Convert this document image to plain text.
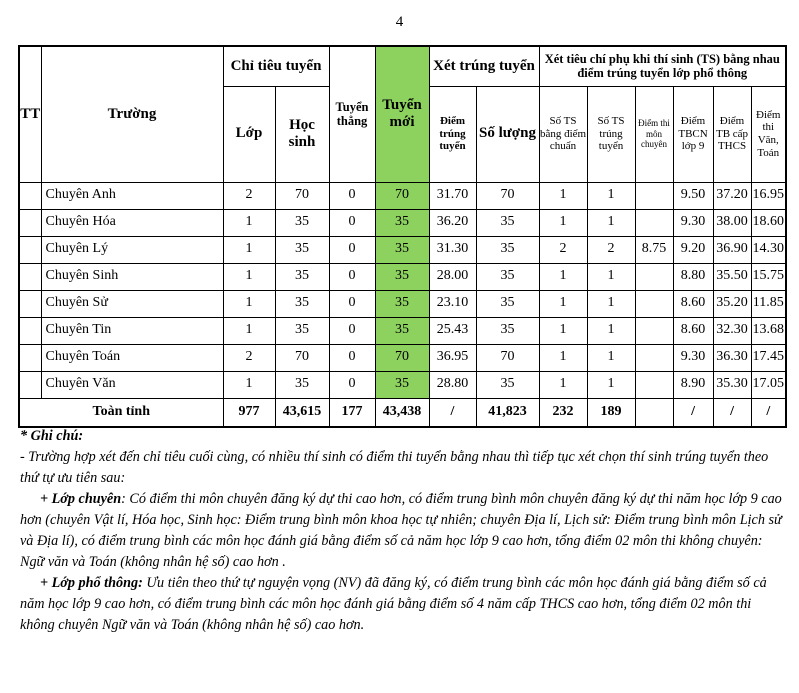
4
TT	Trường	Chỉ tiêu tuyển		Tuyển thẳng	Tuyển mới	Xét trúng tuyển		Xét tiêu chí phụ khi thí sinh (TS) bằng nhau điểm trúng tuyển lớp phổ thông					
		Lớp	Học sinh			Điểm trúng tuyển	Số lượng	Số TS bằng điểm chuẩn	Số TS trúng tuyển	Điểm thi môn chuyên	Điểm TBCN lớp 9	Điểm TB cấp THCS	Điểm thi Văn, Toán
	Chuyên Anh	2	70	0	70	31.70	70	1	1		9.50	37.20	16.95
	Chuyên Hóa	1	35	0	35	36.20	35	1	1		9.30	38.00	18.60
	Chuyên Lý	1	35	0	35	31.30	35	2	2	8.75	9.20	36.90	14.30
	Chuyên Sinh	1	35	0	35	28.00	35	1	1		8.80	35.50	15.75
	Chuyên Sử	1	35	0	35	23.10	35	1	1		8.60	35.20	11.85
	Chuyên Tin	1	35	0	35	25.43	35	1	1		8.60	32.30	13.68
	Chuyên Toán	2	70	0	70	36.95	70	1	1		9.30	36.30	17.45
	Chuyên Văn	1	35	0	35	28.80	35	1	1		8.90	35.30	17.05
Toàn tỉnh		977	43,615	177	43,438	/	41,823	232	189		/	/	/

* Ghi chú:

- Trường hợp xét đến chỉ tiêu cuối cùng, có nhiều thí sinh có điểm thi tuyển bằng nhau thì tiếp tục xét chọn thí sinh trúng tuyển theo thứ tự ưu tiên sau:

+ Lớp chuyên: Có điểm thi môn chuyên đăng ký dự thi cao hơn, có điểm trung bình môn chuyên đăng ký dự thi năm học lớp 9 cao hơn (chuyên Vật lí, Hóa học, Sinh học: Điểm trung bình môn khoa học tự nhiên; chuyên Địa lí, Lịch sử: Điểm trung bình môn Lịch sử và Địa lí), có điểm trung bình các môn học đánh giá bằng điểm số cả năm học lớp 9 cao hơn, tổng điểm 02 môn thi không chuyên: Ngữ văn và Toán (không nhân hệ số) cao hơn .

+ Lớp phổ thông: Ưu tiên theo thứ tự nguyện vọng (NV) đã đăng ký, có điểm trung bình các môn học đánh giá bằng điểm số cả năm học lớp 9 cao hơn, có điểm trung bình các môn học đánh giá bằng điểm số 4 năm cấp THCS cao hơn, tổng điểm 02 môn thi không chuyên Ngữ văn và Toán (không nhân hệ số) cao hơn.
